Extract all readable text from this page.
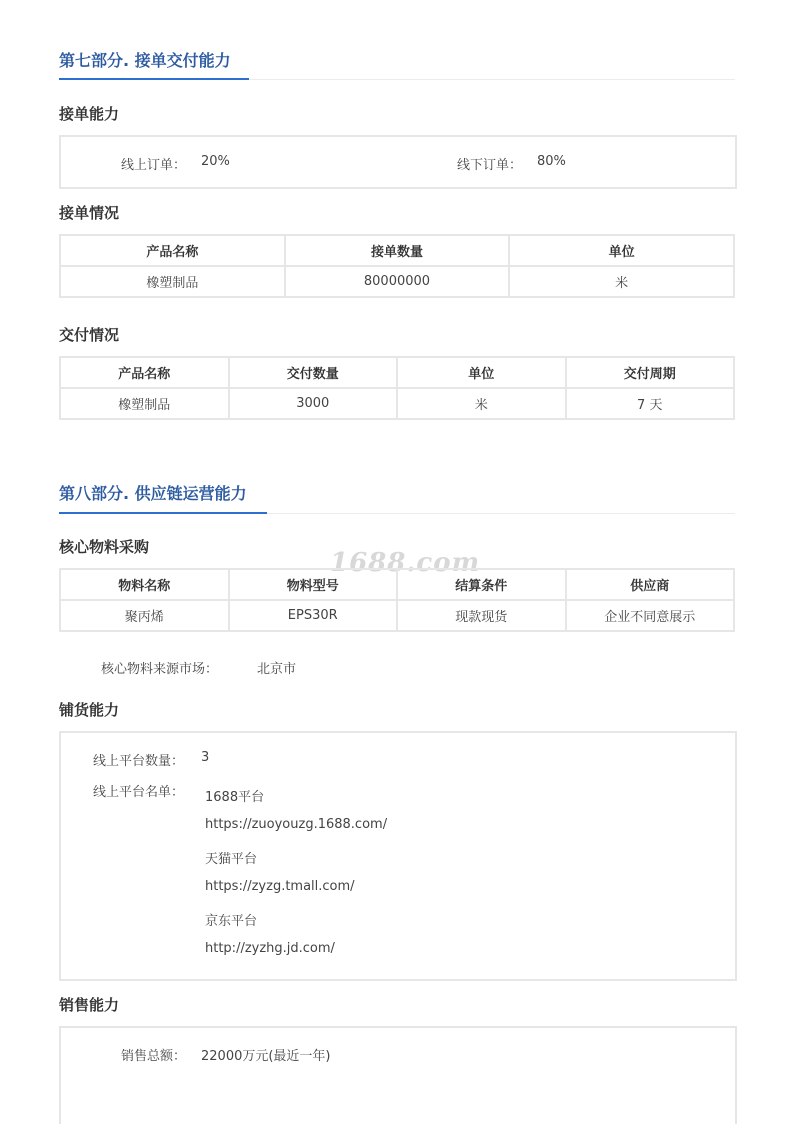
第七部分. 接单交付能力
接单能力
线上订单： 20%	线下订单： 80%
接单情况
产品名称	接单数量	单位
橡塑制品	80000000	米
交付情况
产品名称	交付数量	单位	交付周期
橡塑制品	3000	米	7 天
第八部分. 供应链运营能力
核心物料采购
1688.com
物料名称	物料型号	结算条件	供应商
聚丙烯	EPS30R	现款现货	企业不同意展示
核心物料来源市场：	北京市
铺货能力
线上平台数量： 3
线上平台名单： 1688平台
https://zuoyouzg.1688.com/
天猫平台
https://zyzg.tmall.com/
京东平台
http://zyzhg.jd.com/
销售能力
销售总额： 22000万元(最近一年)
